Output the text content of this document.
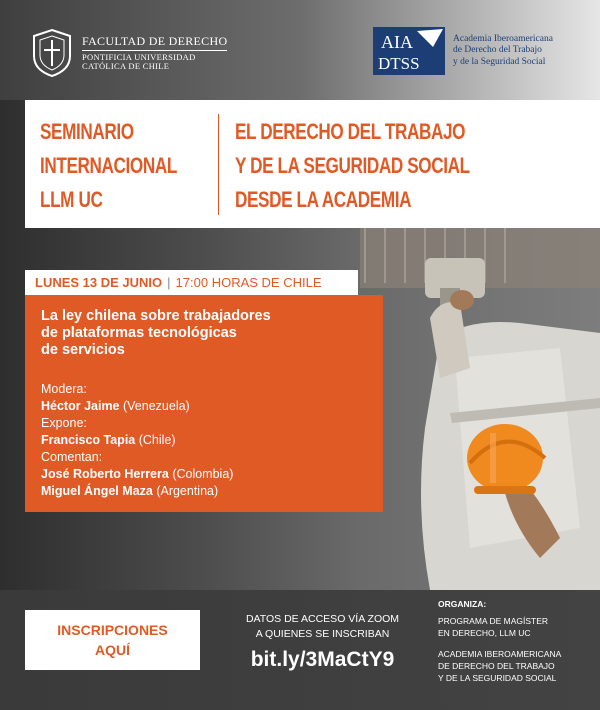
FACULTAD DE DERECHO
PONTIFICIA UNIVERSIDAD
CATÓLICA DE CHILE
AIA
DTSS
Academia Iberoamericana
de Derecho del Trabajo
y de la Seguridad Social
SEMINARIO
INTERNACIONAL
LLM UC
EL DERECHO DEL TRABAJO
Y DE LA SEGURIDAD SOCIAL
DESDE LA ACADEMIA
LUNES 13 DE JUNIO | 17:00 HORAS DE CHILE
La ley chilena sobre trabajadores
de plataformas tecnológicas
de servicios
Modera:
Héctor Jaime (Venezuela)
Expone:
Francisco Tapia (Chile)
Comentan:
José Roberto Herrera (Colombia)
Miguel Ángel Maza (Argentina)
INSCRIPCIONES
AQUÍ
DATOS DE ACCESO VÍA ZOOM
A QUIENES SE INSCRIBAN
bit.ly/3MaCtY9
ORGANIZA:
PROGRAMA DE MAGÍSTER
EN DERECHO, LLM UC
ACADEMIA IBEROAMERICANA
DE DERECHO DEL TRABAJO
Y DE LA SEGURIDAD SOCIAL
